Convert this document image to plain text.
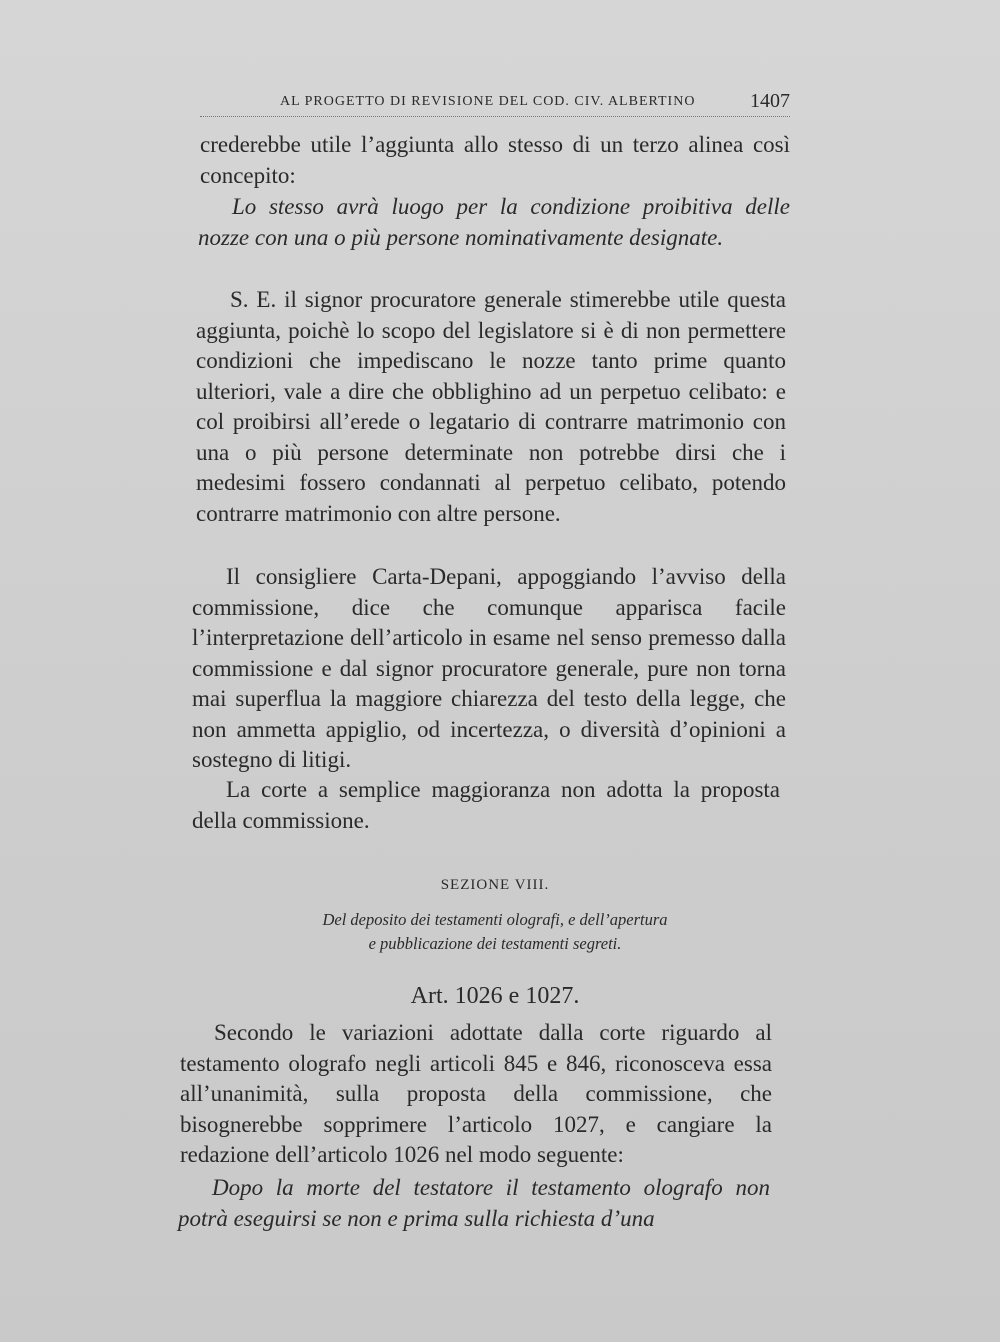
AL PROGETTO DI REVISIONE DEL COD. CIV. ALBERTINO	1407

crederebbe utile l’aggiunta allo stesso di un terzo alinea così concepito:

Lo stesso avrà luogo per la condizione proibitiva delle nozze con una o più persone nominativamente designate.

S. E. il signor procuratore generale stimerebbe utile questa aggiunta, poichè lo scopo del legislatore si è di non permettere condizioni che impediscano le nozze tanto prime quanto ulteriori, vale a dire che obblighino ad un perpetuo celibato: e col proibirsi all’erede o legatario di contrarre matrimonio con una o più persone determinate non potrebbe dirsi che i medesimi fossero condannati al perpetuo celibato, potendo contrarre matrimonio con altre persone.

Il consigliere Carta-Depani, appoggiando l’avviso della commissione, dice che comunque apparisca facile l’interpretazione dell’articolo in esame nel senso premesso dalla commissione e dal signor procuratore generale, pure non torna mai superflua la maggiore chiarezza del testo della legge, che non ammetta appiglio, od incertezza, o diversità d’opinioni a sostegno di litigi.

La corte a semplice maggioranza non adotta la proposta della commissione.

SEZIONE VIII.

Del deposito dei testamenti olografi, e dell’apertura
e pubblicazione dei testamenti segreti.

Art. 1026 e 1027.

Secondo le variazioni adottate dalla corte riguardo al testamento olografo negli articoli 845 e 846, riconosceva essa all’unanimità, sulla proposta della commissione, che bisognerebbe sopprimere l’articolo 1027, e cangiare la redazione dell’articolo 1026 nel modo seguente:

Dopo la morte del testatore il testamento olografo non potrà eseguirsi se non e prima sulla richiesta d’una
